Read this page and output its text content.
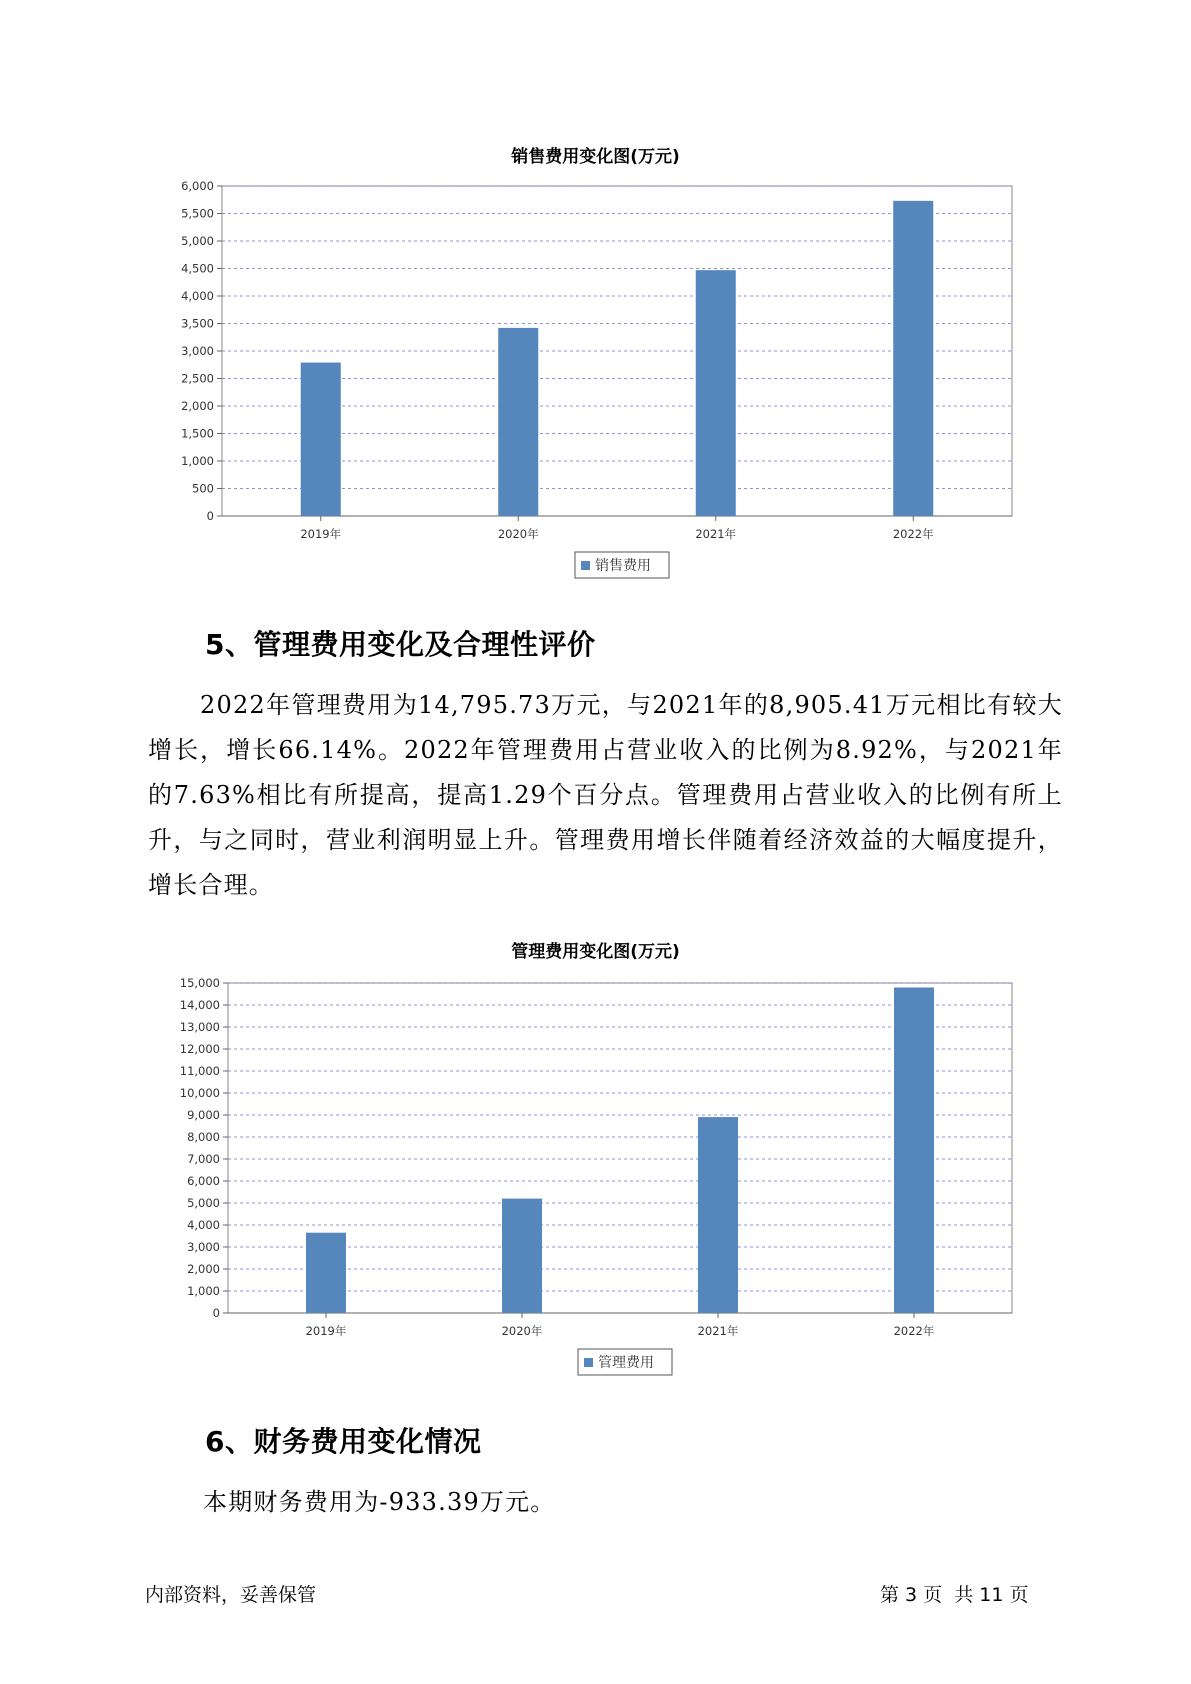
销售费用变化图(万元)
0
500
1,000
1,500
2,000
2,500
3,000
3,500
4,000
4,500
5,000
5,500
6,000
2019年	2020年	2021年	2022年
销售费用
5、管理费用变化及合理性评价

2022年管理费用为14,795.73万元，与2021年的8,905.41万元相比有较大增长，增长66.14%。2022年管理费用占营业收入的比例为8.92%，与2021年的7.63%相比有所提高，提高1.29个百分点。管理费用占营业收入的比例有所上升，与之同时，营业利润明显上升。管理费用增长伴随着经济效益的大幅度提升，增长合理。

管理费用变化图(万元)
0
1,000
2,000
3,000
4,000
5,000
6,000
7,000
8,000
9,000
10,000
11,000
12,000
13,000
14,000
15,000
2019年	2020年	2021年	2022年
管理费用
6、财务费用变化情况

本期财务费用为-933.39万元。

内部资料，妥善保管	第 3 页  共 11 页
